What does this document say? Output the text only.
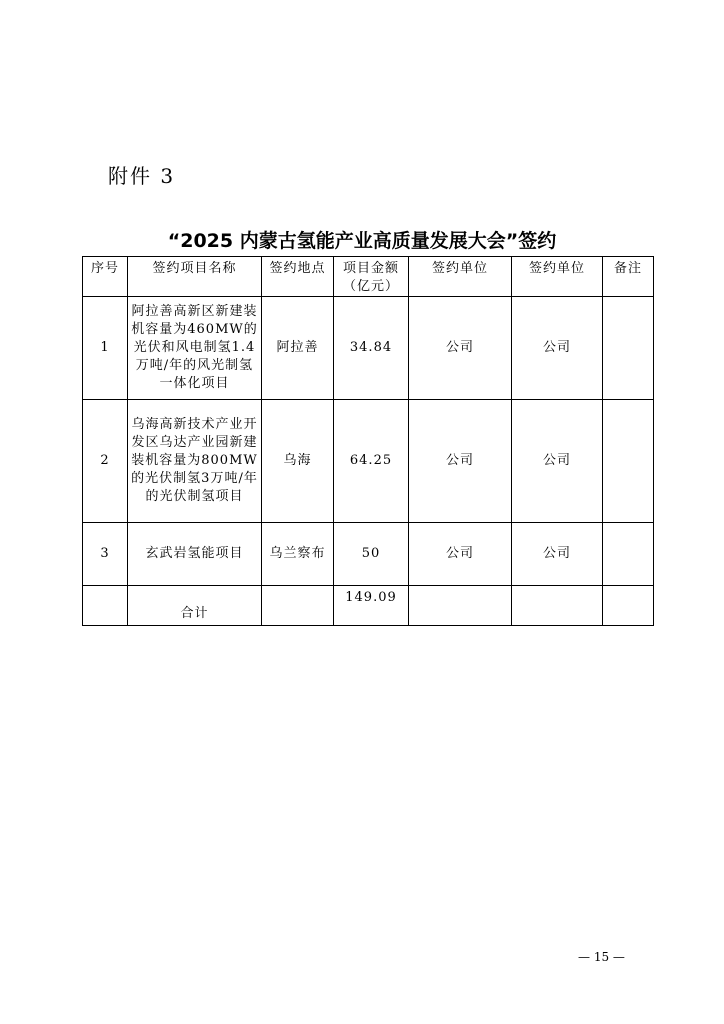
附件 3
“2025 内蒙古氢能产业高质量发展大会”签约
序号	签约项目名称	签约地点	项目金额（亿元）	签约单位	签约单位	备注
1	阿拉善高新区新建装机容量为460MW的光伏和风电制氢1.4万吨/年的风光制氢一体化项目	阿拉善	34.84	公司	公司	
2	乌海高新技术产业开发区乌达产业园新建装机容量为800MW的光伏制氢3万吨/年的光伏制氢项目	乌海	64.25	公司	公司	
3	玄武岩氢能项目	乌兰察布	50	公司	公司	
	合计		149.09			
— 15 —
